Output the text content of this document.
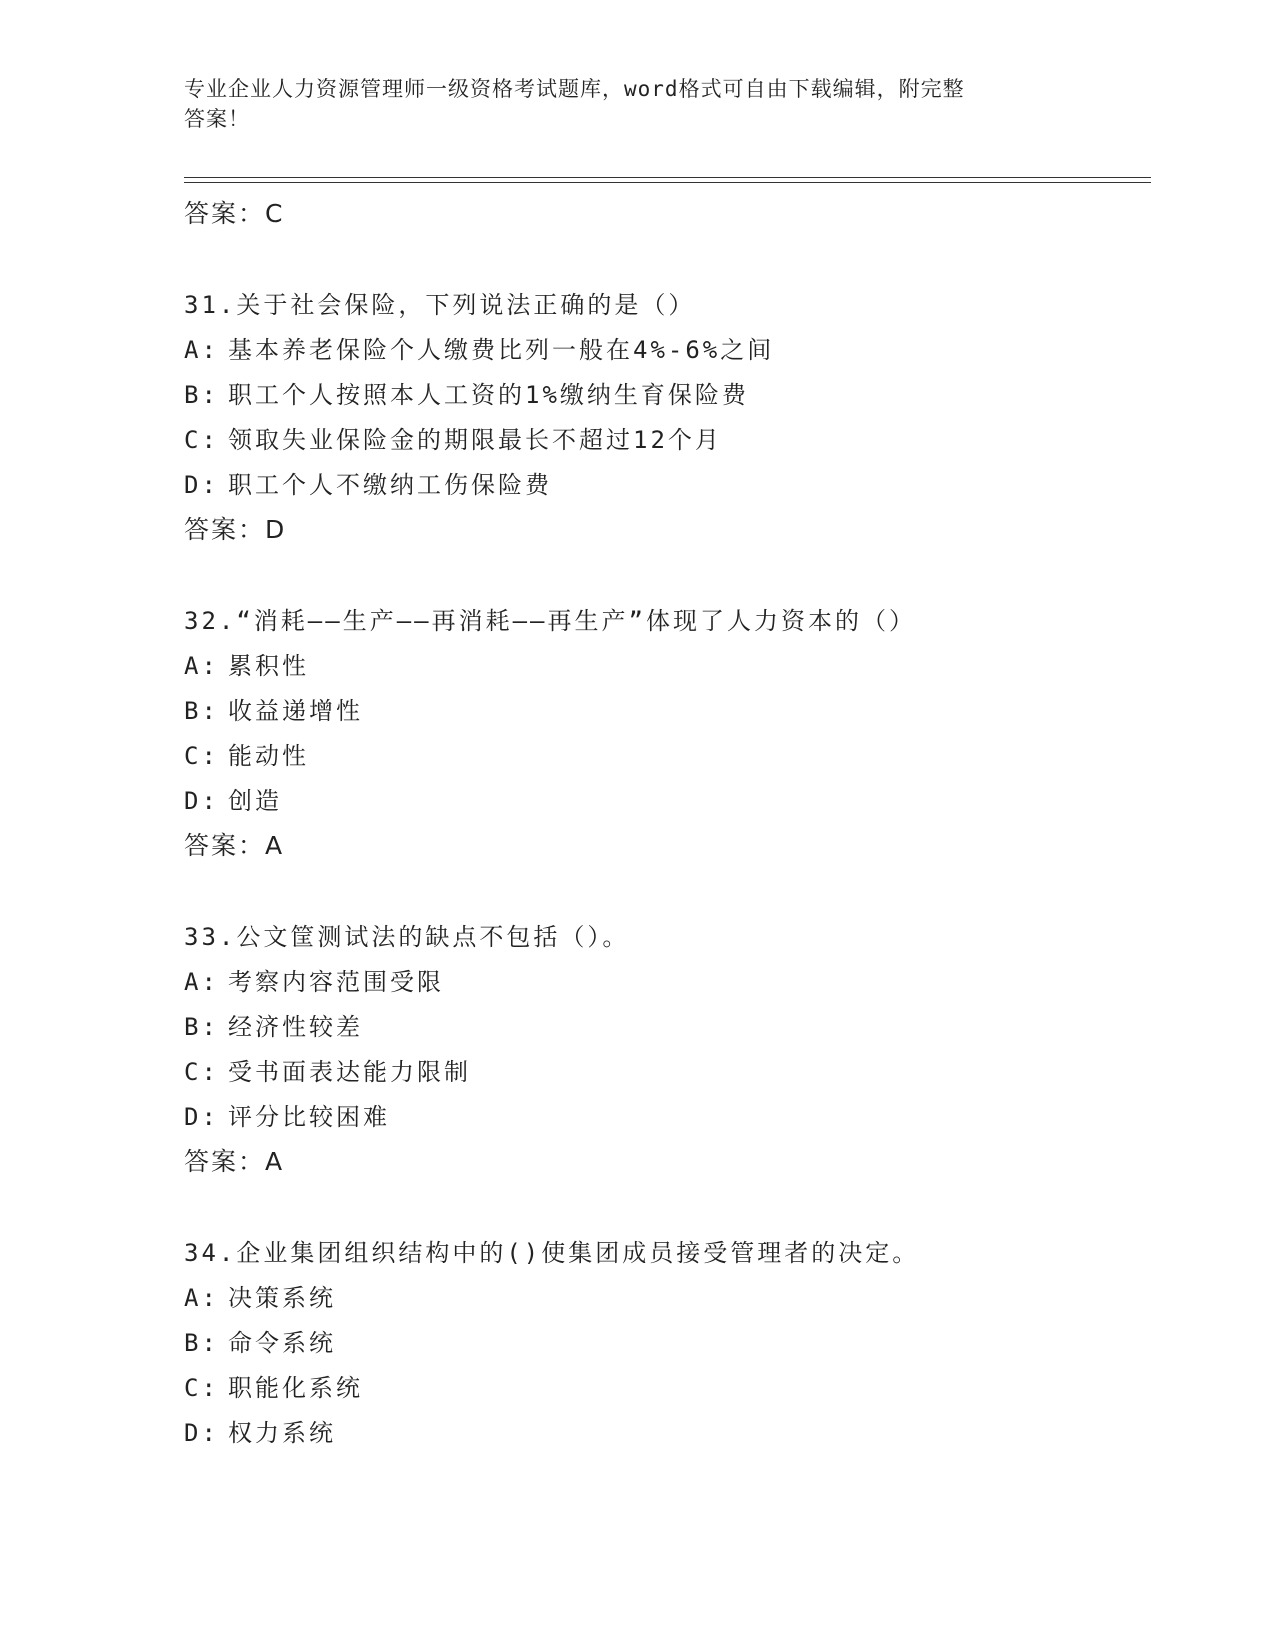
专业企业人力资源管理师一级资格考试题库，word格式可自由下载编辑，附完整
答案！
答案：C
31.关于社会保险，下列说法正确的是（）
A: 基本养老保险个人缴费比列一般在4%-6%之间
B: 职工个人按照本人工资的1%缴纳生育保险费
C: 领取失业保险金的期限最长不超过12个月
D: 职工个人不缴纳工伤保险费
答案：D
32.“消耗——生产——再消耗——再生产”体现了人力资本的（）
A: 累积性
B: 收益递增性
C: 能动性
D: 创造
答案：A
33.公文筐测试法的缺点不包括（）。
A: 考察内容范围受限
B: 经济性较差
C: 受书面表达能力限制
D: 评分比较困难
答案：A
34.企业集团组织结构中的()使集团成员接受管理者的决定。
A: 决策系统
B: 命令系统
C: 职能化系统
D: 权力系统
